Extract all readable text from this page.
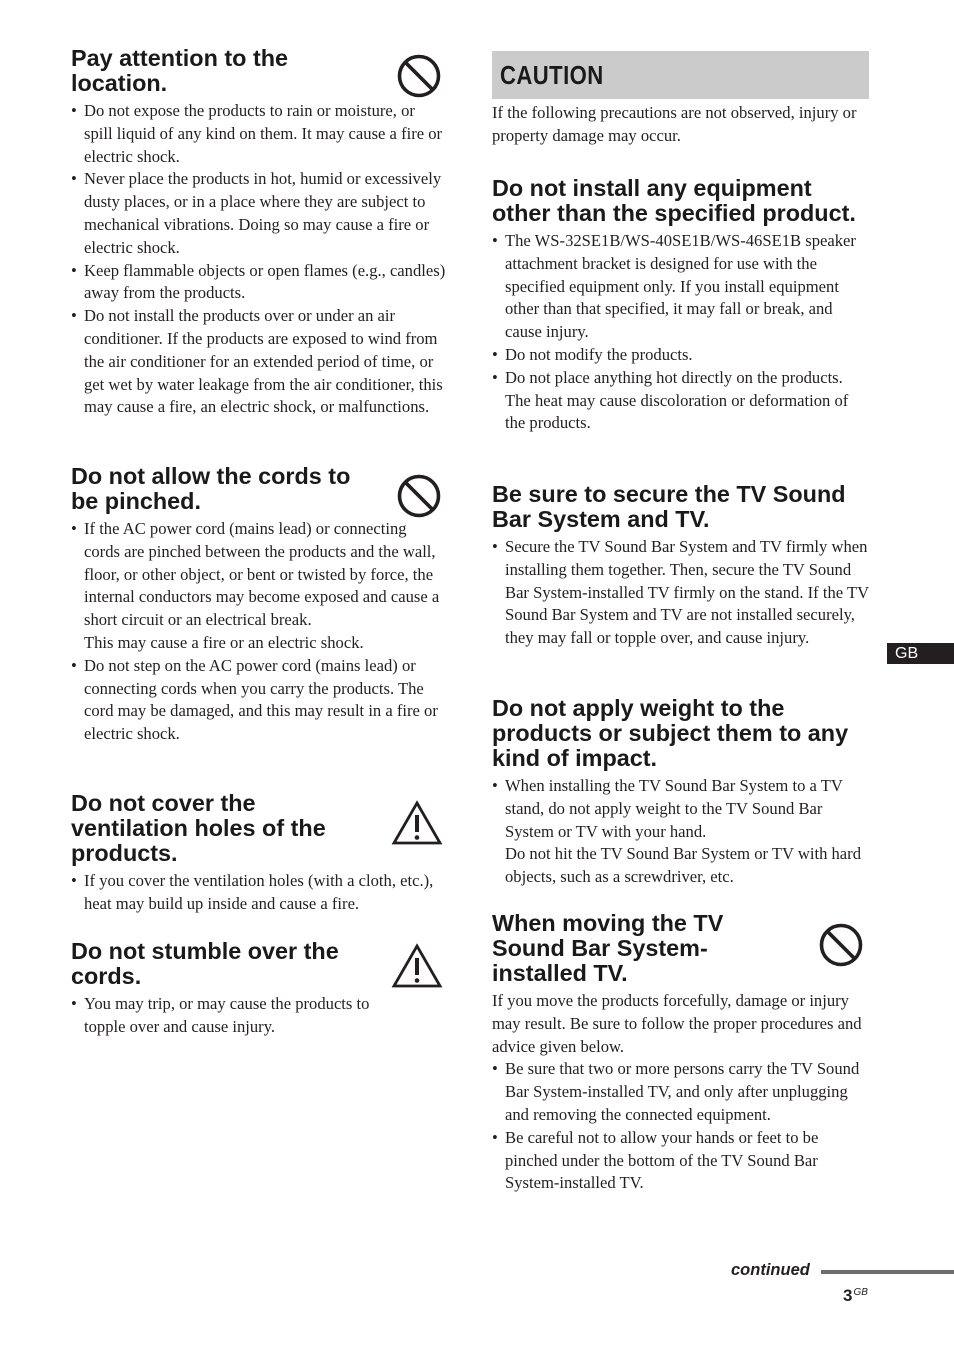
Pay attention to the location.
• Do not expose the products to rain or moisture, or spill liquid of any kind on them. It may cause a fire or electric shock.
• Never place the products in hot, humid or excessively dusty places, or in a place where they are subject to mechanical vibrations. Doing so may cause a fire or electric shock.
• Keep flammable objects or open flames (e.g., candles) away from the products.
• Do not install the products over or under an air conditioner. If the products are exposed to wind from the air conditioner for an extended period of time, or get wet by water leakage from the air conditioner, this may cause a fire, an electric shock, or malfunctions.
Do not allow the cords to be pinched.
• If the AC power cord (mains lead) or connecting cords are pinched between the products and the wall, floor, or other object, or bent or twisted by force, the internal conductors may become exposed and cause a short circuit or an electrical break.
This may cause a fire or an electric shock.
• Do not step on the AC power cord (mains lead) or connecting cords when you carry the products. The cord may be damaged, and this may result in a fire or electric shock.
Do not cover the ventilation holes of the products.
• If you cover the ventilation holes (with a cloth, etc.), heat may build up inside and cause a fire.
Do not stumble over the cords.
• You may trip, or may cause the products to topple over and cause injury.
CAUTION

If the following precautions are not observed, injury or property damage may occur.

Do not install any equipment other than the specified product.
• The WS-32SE1B/WS-40SE1B/WS-46SE1B speaker attachment bracket is designed for use with the specified equipment only. If you install equipment other than that specified, it may fall or break, and cause injury.
• Do not modify the products.
• Do not place anything hot directly on the products. The heat may cause discoloration or deformation of the products.
Be sure to secure the TV Sound Bar System and TV.
• Secure the TV Sound Bar System and TV firmly when installing them together. Then, secure the TV Sound Bar System-installed TV firmly on the stand. If the TV Sound Bar System and TV are not installed securely, they may fall or topple over, and cause injury.
Do not apply weight to the products or subject them to any kind of impact.
• When installing the TV Sound Bar System to a TV stand, do not apply weight to the TV Sound Bar System or TV with your hand.
Do not hit the TV Sound Bar System or TV with hard objects, such as a screwdriver, etc.
When moving the TV Sound Bar System-installed TV.

If you move the products forcefully, damage or injury may result. Be sure to follow the proper procedures and advice given below.

• Be sure that two or more persons carry the TV Sound Bar System-installed TV, and only after unplugging and removing the connected equipment.
• Be careful not to allow your hands or feet to be pinched under the bottom of the TV Sound Bar System-installed TV.
GB
continued
$3^{GB}$
